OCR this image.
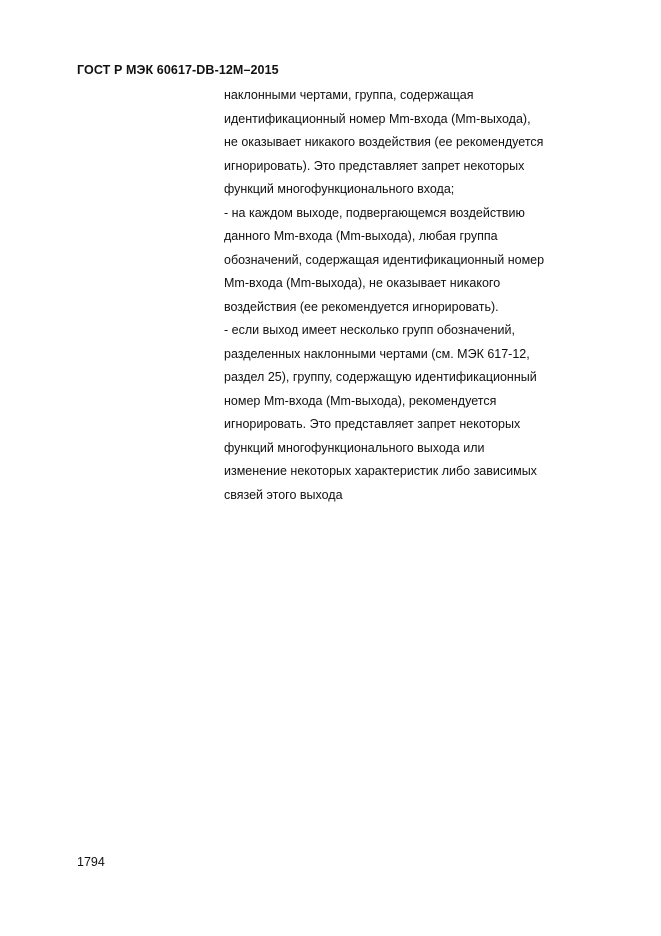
ГОСТ Р МЭК 60617-DB-12M–2015
наклонными чертами, группа, содержащая
идентификационный номер Mm-входа (Mm-выхода),
не оказывает никакого воздействия (ее рекомендуется
игнорировать). Это представляет запрет некоторых
функций многофункционального входа;
- на каждом выходе, подвергающемся воздействию
данного Mm-входа (Mm-выхода), любая группа
обозначений, содержащая идентификационный номер
Mm-входа (Mm-выхода), не оказывает никакого
воздействия (ее рекомендуется игнорировать).
- если выход имеет несколько групп обозначений,
разделенных наклонными чертами (см. МЭК 617-12,
раздел 25), группу, содержащую идентификационный
номер Mm-входа (Mm-выхода), рекомендуется
игнорировать. Это представляет запрет некоторых
функций многофункционального выхода или
изменение некоторых характеристик либо зависимых
связей этого выхода
1794
